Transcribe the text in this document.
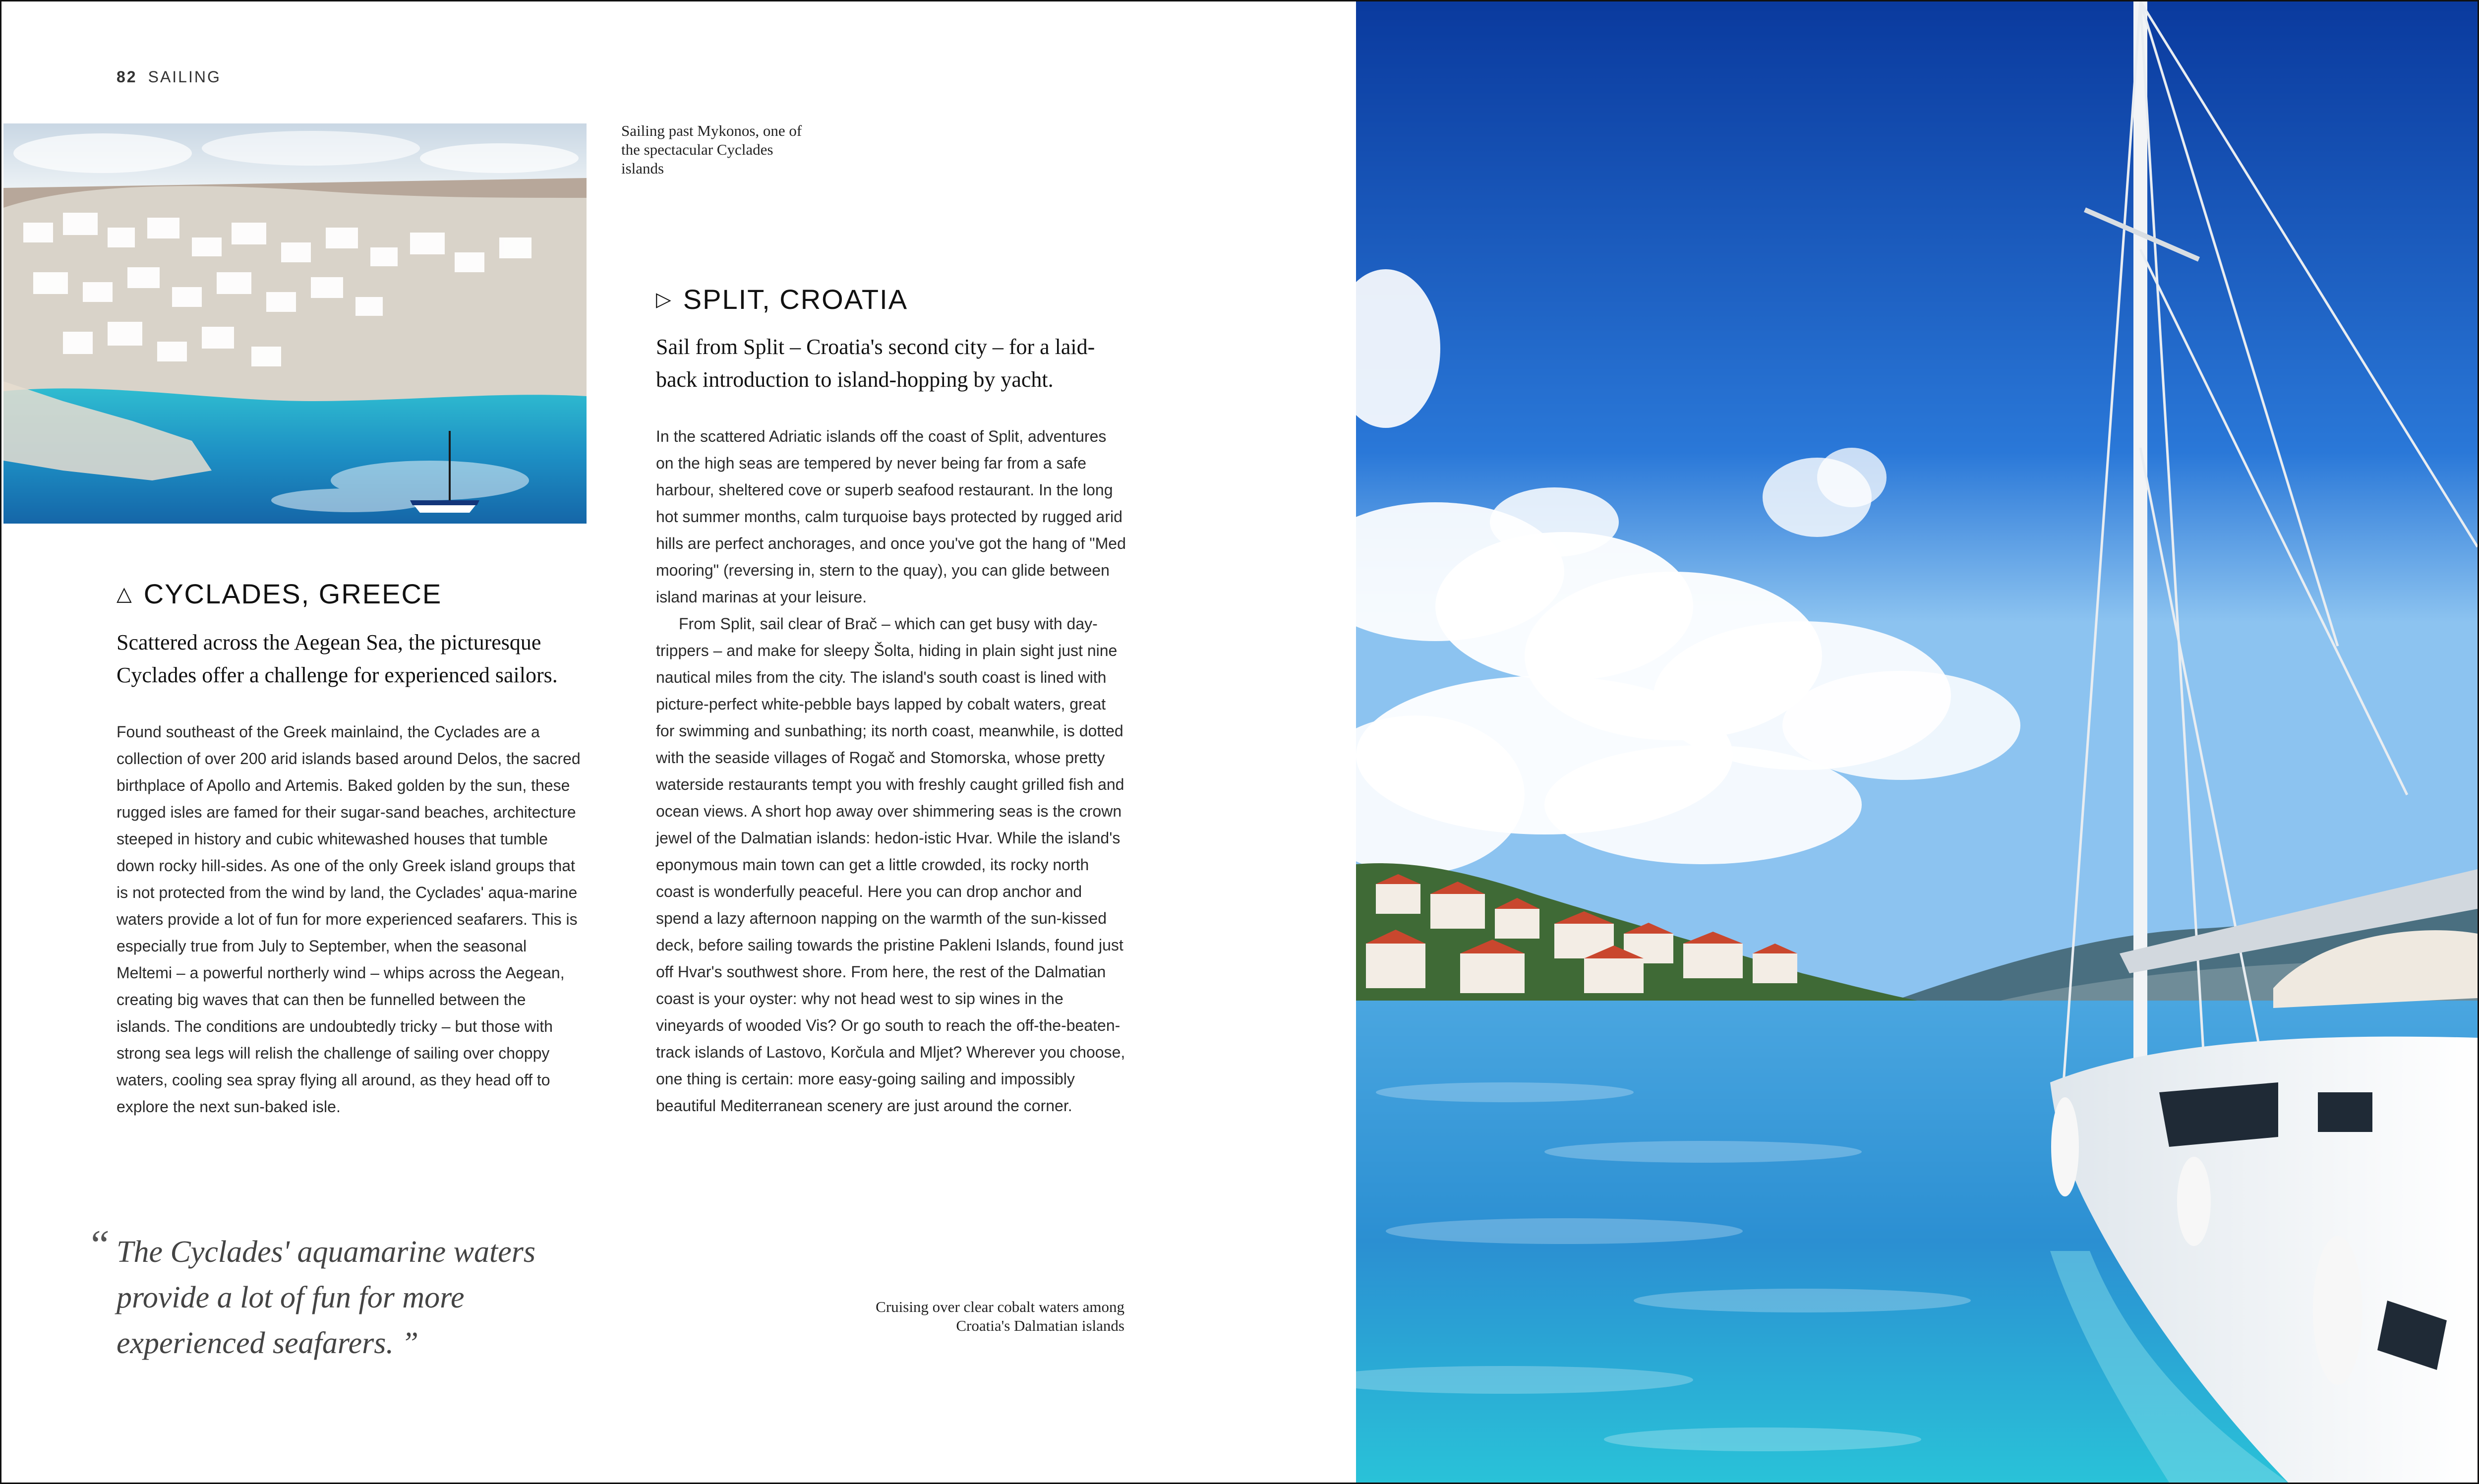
82 SAILING
Sailing past Mykonos, one of the spectacular Cyclades islands
△ CYCLADES, GREECE
Scattered across the Aegean Sea, the picturesque Cyclades offer a challenge for experienced sailors.

Found southeast of the Greek mainlaind, the Cyclades are a collection of over 200 arid islands based around Delos, the sacred birthplace of Apollo and Artemis. Baked golden by the sun, these rugged isles are famed for their sugar-sand beaches, architecture steeped in history and cubic whitewashed houses that tumble down rocky hill-sides. As one of the only Greek island groups that is not protected from the wind by land, the Cyclades' aqua-marine waters provide a lot of fun for more experienced seafarers. This is especially true from July to September, when the seasonal Meltemi – a powerful northerly wind – whips across the Aegean, creating big waves that can then be funnelled between the islands. The conditions are undoubtedly tricky – but those with strong sea legs will relish the challenge of sailing over choppy waters, cooling sea spray flying all around, as they head off to explore the next sun-baked isle.

▷ SPLIT, CROATIA
Sail from Split – Croatia's second city – for a laid-back introduction to island-hopping by yacht.

In the scattered Adriatic islands off the coast of Split, adventures on the high seas are tempered by never being far from a safe harbour, sheltered cove or superb seafood restaurant. In the long hot summer months, calm turquoise bays protected by rugged arid hills are perfect anchorages, and once you've got the hang of "Med mooring" (reversing in, stern to the quay), you can glide between island marinas at your leisure.

From Split, sail clear of Brač – which can get busy with day-trippers – and make for sleepy Šolta, hiding in plain sight just nine nautical miles from the city. The island's south coast is lined with picture-perfect white-pebble bays lapped by cobalt waters, great for swimming and sunbathing; its north coast, meanwhile, is dotted with the seaside villages of Rogač and Stomorska, whose pretty waterside restaurants tempt you with freshly caught grilled fish and ocean views. A short hop away over shimmering seas is the crown jewel of the Dalmatian islands: hedon-istic Hvar. While the island's eponymous main town can get a little crowded, its rocky north coast is wonderfully peaceful. Here you can drop anchor and spend a lazy afternoon napping on the warmth of the sun-kissed deck, before sailing towards the pristine Pakleni Islands, found just off Hvar's southwest shore. From here, the rest of the Dalmatian coast is your oyster: why not head west to sip wines in the vineyards of wooded Vis? Or go south to reach the off-the-beaten-track islands of Lastovo, Korčula and Mljet? Wherever you choose, one thing is certain: more easy-going sailing and impossibly beautiful Mediterranean scenery are just around the corner.

“ The Cyclades' aquamarine waters provide a lot of fun for more experienced seafarers. ”
Cruising over clear cobalt waters among Croatia's Dalmatian islands
